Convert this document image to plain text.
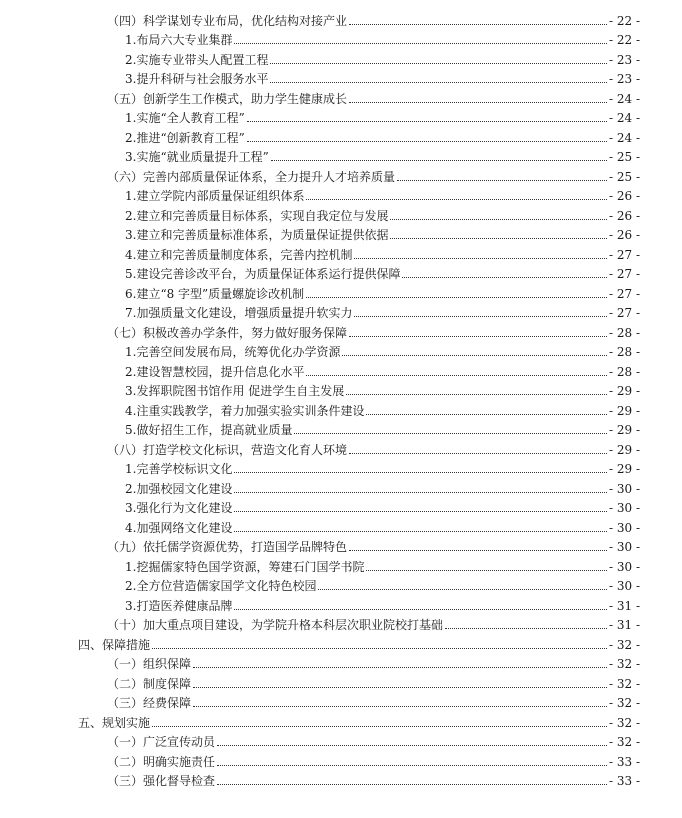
（四）科学谋划专业布局，优化结构对接产业	- 22 -
1.布局六大专业集群	- 22 -
2.实施专业带头人配置工程	- 23 -
3.提升科研与社会服务水平	- 23 -
（五）创新学生工作模式，助力学生健康成长	- 24 -
1.实施“全人教育工程”	- 24 -
2.推进“创新教育工程”	- 24 -
3.实施“就业质量提升工程”	- 25 -
（六）完善内部质量保证体系，全力提升人才培养质量	- 25 -
1.建立学院内部质量保证组织体系	- 26 -
2.建立和完善质量目标体系，实现自我定位与发展	- 26 -
3.建立和完善质量标准体系，为质量保证提供依据	- 26 -
4.建立和完善质量制度体系，完善内控机制	- 27 -
5.建设完善诊改平台，为质量保证体系运行提供保障	- 27 -
6.建立“8 字型”质量螺旋诊改机制	- 27 -
7.加强质量文化建设，增强质量提升软实力	- 27 -
（七）积极改善办学条件，努力做好服务保障	- 28 -
1.完善空间发展布局，统筹优化办学资源	- 28 -
2.建设智慧校园，提升信息化水平	- 28 -
3.发挥职院图书馆作用 促进学生自主发展	- 29 -
4.注重实践教学，着力加强实验实训条件建设	- 29 -
5.做好招生工作，提高就业质量	- 29 -
（八）打造学校文化标识，营造文化育人环境	- 29 -
1.完善学校标识文化	- 29 -
2.加强校园文化建设	- 30 -
3.强化行为文化建设	- 30 -
4.加强网络文化建设	- 30 -
（九）依托儒学资源优势，打造国学品牌特色	- 30 -
1.挖掘儒家特色国学资源，筹建石门国学书院	- 30 -
2.全方位营造儒家国学文化特色校园	- 30 -
3.打造医养健康品牌	- 31 -
（十）加大重点项目建设，为学院升格本科层次职业院校打基础	- 31 -
四、保障措施	- 32 -
（一）组织保障	- 32 -
（二）制度保障	- 32 -
（三）经费保障	- 32 -
五、规划实施	- 32 -
（一）广泛宣传动员	- 32 -
（二）明确实施责任	- 33 -
（三）强化督导检查	- 33 -
